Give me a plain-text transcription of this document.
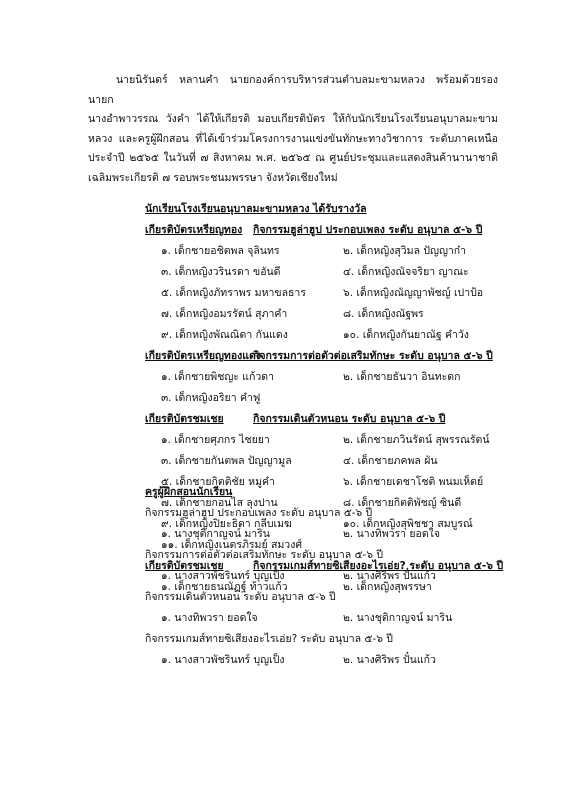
นายนิรันดร์ หลานคำ นายกองค์การบริหารส่วนตำบลมะขามหลวง พร้อมด้วยรองนายก

นางอำพาวรรณ วังคำ ได้ให้เกียรติ มอบเกียรติบัตร ให้กับนักเรียนโรงเรียนอนุบาลมะขามหลวง และครูผู้ฝึกสอน ที่ได้เข้าร่วมโครงการงานแข่งขันทักษะทางวิชาการ ระดับภาคเหนือ ประจำปี ๒๕๖๕ ในวันที่ ๗ สิงหาคม พ.ศ. ๒๕๖๕ ณ ศูนย์ประชุมและแสดงสินค้านานาชาติเฉลิมพระเกียรติ ๗ รอบพระชนมพรรษา จังหวัดเชียงใหม่

นักเรียนโรงเรียนอนุบาลมะขามหลวง ได้รับรางวัล
เกียรติบัตรเหรียญทอง กิจกรรมฮูล่าฮูป ประกอบเพลง ระดับ อนุบาล ๕-๖ ปี
๑. เด็กชายอชิตพล จุลินทร	๒. เด็กหญิงสุวิมล ปัญญาก๋า
๓. เด็กหญิงวรินรดา ขอันดี	๔. เด็กหญิงณัจจริยา ญาณะ
๕. เด็กหญิงภัทราพร มหาขลธาร	๖. เด็กหญิงณัญญาพัชญ์ เปาป้อ
๗. เด็กหญิงอมรรัตน์ สุภาคำ	๘. เด็กหญิงณัฐพร
๙. เด็กหญิงพัณณิดา กันแดง	๑๐. เด็กหญิงกันยาณัฐ คำวัง
เกียรติบัตรเหรียญทองแดง
กิจกรรมการต่อตัวต่อเสริมทักษะ ระดับ อนุบาล ๕-๖ ปี
๑. เด็กชายพิชญะ แก้วดา	๒. เด็กชายธันวา อินทะดก
๓. เด็กหญิงอริยา คำฟู
เกียรติบัตรชมเชย	กิจกรรมเดินตัวหนอน ระดับ อนุบาล ๕-๖ ปี
๑. เด็กชายศุภกร ไชยยา	๒. เด็กชายภวินรัตน์ สุพรรณรัตน์
๓. เด็กชายกันตพล ปัญญามูล	๔. เด็กชายภคพล ผัน
๕. เด็กชายกิตติชัย หมูคำ	๖. เด็กชายเดชาโชติ พนมเห็ตย์
๗. เด็กชายกอนไส ลุงปาน	๘. เด็กชายกิตติพัชญ์ ซินดี
๙. เด็กหญิงปิยะธิดา กลีบเมฆ	๑๐. เด็กหญิงสุพิชชา สมบูรณ์
๑๑. เด็กหญิงเนตรภิรมย์ สมวงศ์
เกียรติบัตรชมเชย	กิจกรรมเกมส์ทายซิเสียงอะไรเอ่ย? ระดับ อนุบาล ๕-๖ ปี
๑. เด็กชายธนณัฏฐ์ ท้าวแก้ว	๒. เด็กหญิงสุพรรษา
ครูผู้ฝึกสอนนักเรียน
กิจกรรมฮูล่าฮูป ประกอบเพลง ระดับ อนุบาล ๕-๖ ปี
๑. นางชุติกาญจน์ มาริน	๒. นางทิพวรา ยอดใจ
กิจกรรมการต่อตัวต่อเสริมทักษะ ระดับ อนุบาล ๕-๖ ปี
๑. นางสาวพัชรินทร์ บุญเป็ง	๒. นางศิริพร ปั๋นแก้ว
กิจกรรมเดินตัวหนอน ระดับ อนุบาล ๕-๖ ปี
๑. นางทิพวรา ยอดใจ	๒. นางชุติกาญจน์ มาริน
กิจกรรมเกมส์ทายซิเสียงอะไรเอ่ย? ระดับ อนุบาล ๕-๖ ปี
๑. นางสาวพัชรินทร์ บุญเป็ง	๒. นางศิริพร ปั๋นแก้ว
